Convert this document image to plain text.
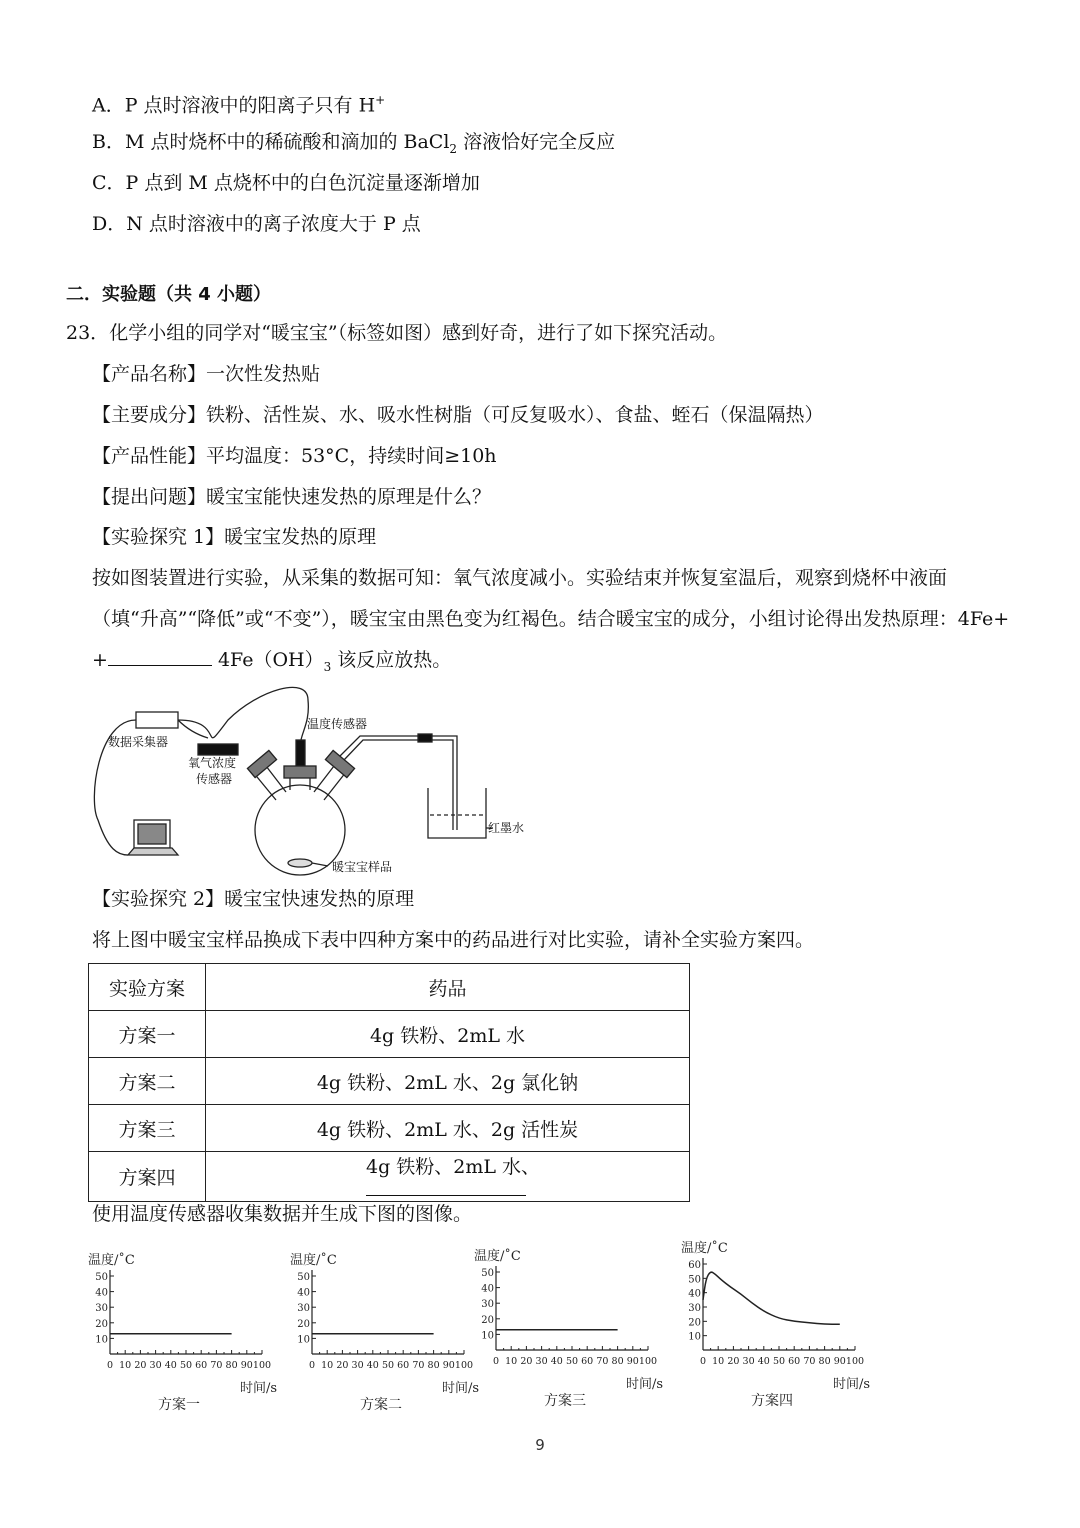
A．P 点时溶液中的阳离子只有 H+
B．M 点时烧杯中的稀硫酸和滴加的 BaCl$_2$ 溶液恰好完全反应
C．P 点到 M 点烧杯中的白色沉淀量逐渐增加
D．N 点时溶液中的离子浓度大于 P 点
二．实验题（共 4 小题）
23．化学小组的同学对“暖宝宝”（标签如图）感到好奇，进行了如下探究活动。
【产品名称】一次性发热贴
【主要成分】铁粉、活性炭、水、吸水性树脂（可反复吸水）、食盐、蛭石（保温隔热）
【产品性能】平均温度：53°C，持续时间≥10h
【提出问题】暖宝宝能快速发热的原理是什么？
【实验探究 1】暖宝宝发热的原理
按如图装置进行实验，从采集的数据可知：氧气浓度减小。实验结束并恢复室温后，观察到烧杯中液面
（填“升高”“降低”或“不变”），暖宝宝由黑色变为红褐色。结合暖宝宝的成分，小组讨论得出发热原理：4Fe+
+	$4Fe(OH)_3$ 该反应放热。
数据采集器
氧气浓度
传感器
温度传感器
红墨水
暖宝宝样品
【实验探究 2】暖宝宝快速发热的原理
将上图中暖宝宝样品换成下表中四种方案中的药品进行对比实验，请补全实验方案四。
实验方案	药品
方案一	4g 铁粉、2mL 水
方案二	4g 铁粉、2mL 水、2g 氯化钠
方案三	4g 铁粉、2mL 水、2g 活性炭
方案四	4g 铁粉、2mL 水、
使用温度传感器收集数据并生成下图的图像。
温度/˚C
10
20
30
40
50
0 10 20 30 40 50 60 70 80 90 100
时间/s
方案一
温度/˚C
10
20
30
40
50
0 10 20 30 40 50 60 70 80 90 100
时间/s
方案二
温度/˚C
10
20
30
40
50
0 10 20 30 40 50 60 70 80 90 100
时间/s
方案三
温度/˚C
10
20
30
40
50
60
0 10 20 30 40 50 60 70 80 90 100
时间/s
方案四
9
